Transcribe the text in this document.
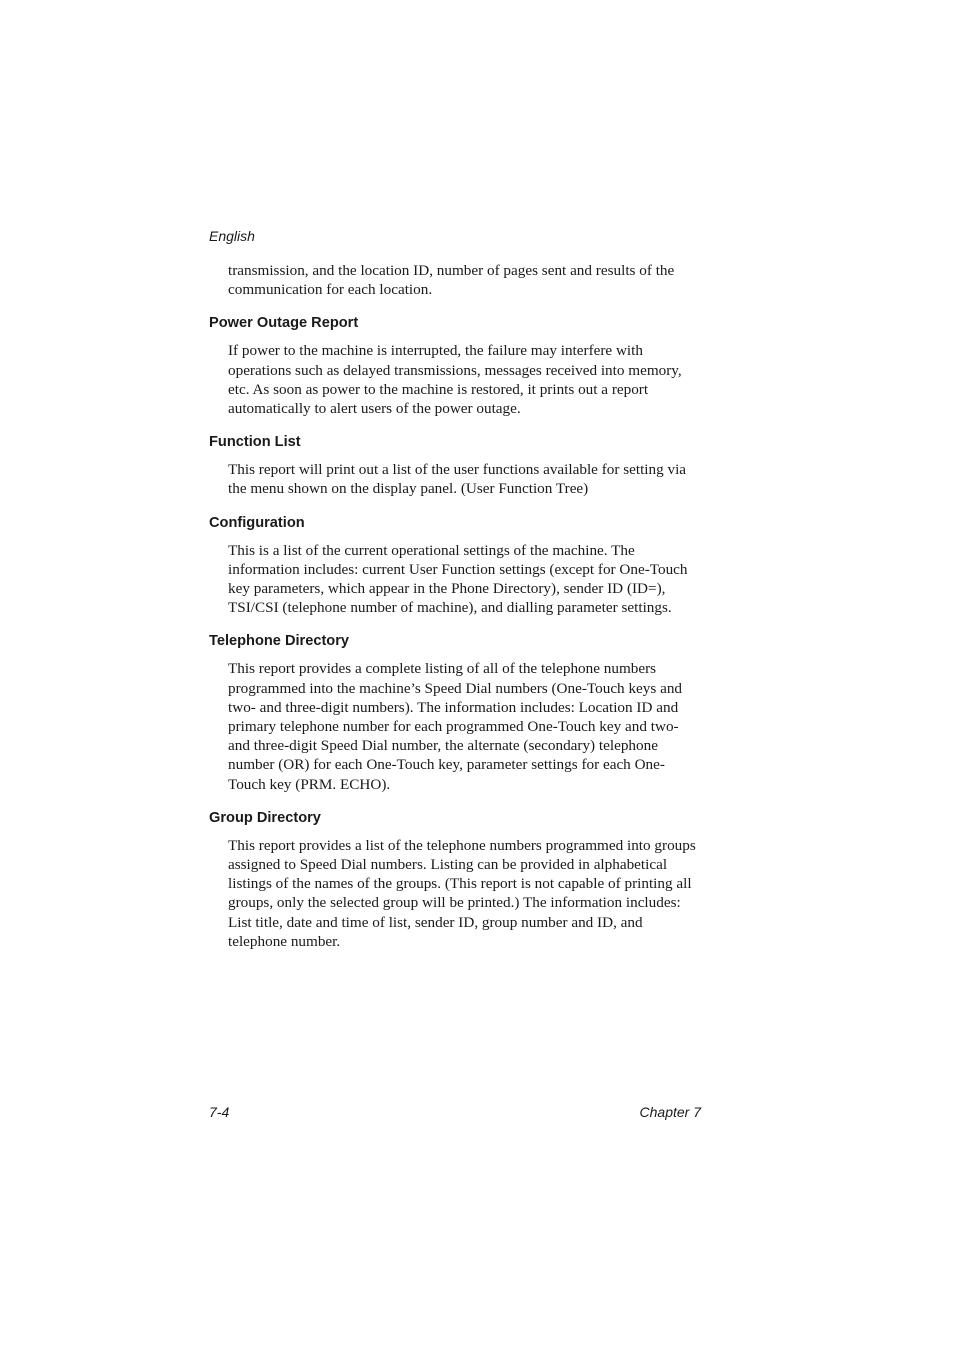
English

transmission, and the location ID, number of pages sent and results of the communication for each location.

Power Outage Report

If power to the machine is interrupted, the failure may interfere with operations such as delayed transmissions, messages received into memory, etc. As soon as power to the machine is restored, it prints out a report automatically to alert users of the power outage.

Function List

This report will print out a list of the user functions available for setting via the menu shown on the display panel. (User Function Tree)

Configuration

This is a list of the current operational settings of the machine. The information includes: current User Function settings (except for One-Touch key parameters, which appear in the Phone Directory), sender ID (ID=), TSI/CSI (telephone number of machine), and dialling parameter settings.

Telephone Directory

This report provides a complete listing of all of the telephone numbers programmed into the machine’s Speed Dial numbers (One-Touch keys and two- and three-digit numbers). The information includes: Location ID and primary telephone number for each programmed One-Touch key and two- and three-digit Speed Dial number, the alternate (secondary) telephone number (OR) for each One-Touch key, parameter settings for each One-Touch key (PRM. ECHO).

Group Directory

This report provides a list of the telephone numbers programmed into groups assigned to Speed Dial numbers. Listing can be provided in alphabetical listings of the names of the groups. (This report is not capable of printing all groups, only the selected group will be printed.) The information includes: List title, date and time of list, sender ID, group number and ID, and telephone number.

7-4	Chapter 7
